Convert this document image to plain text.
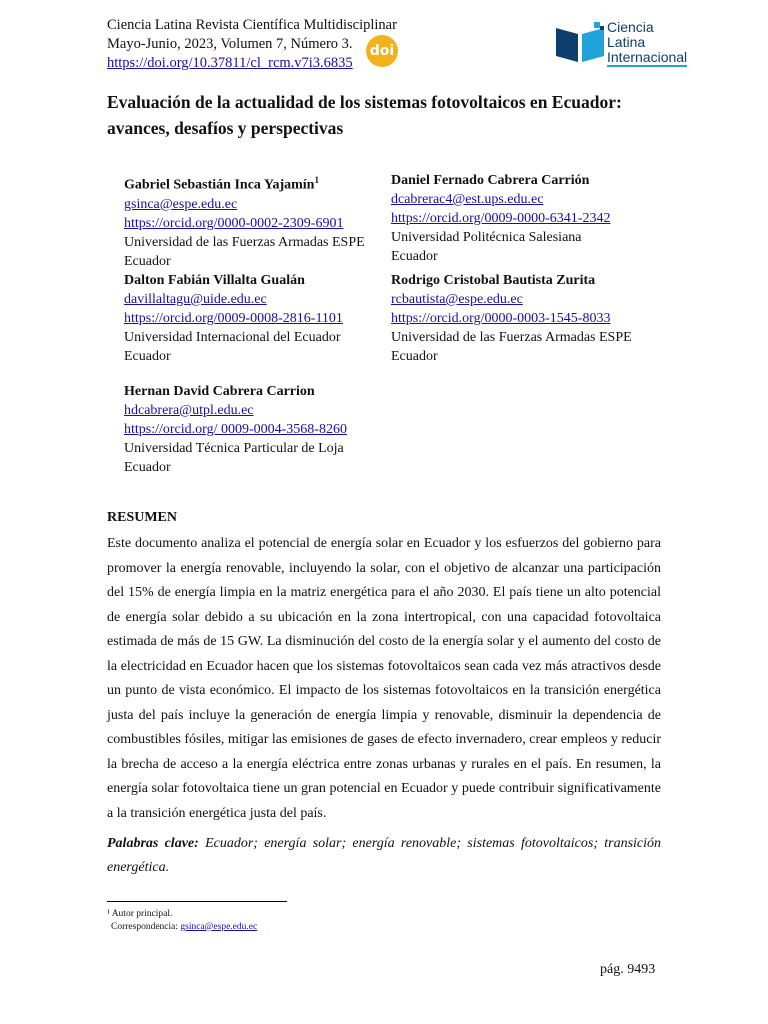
Ciencia Latina Revista Científica Multidisciplinar
Mayo-Junio, 2023, Volumen 7, Número 3.
https://doi.org/10.37811/cl_rcm.v7i3.6835
doi
Ciencia
Latina
Internacional
Evaluación de la actualidad de los sistemas fotovoltaicos en Ecuador: avances, desafíos y perspectivas
Gabriel Sebastián Inca Yajamín$^1$
gsinca@espe.edu.ec
https://orcid.org/0000-0002-2309-6901
Universidad de las Fuerzas Armadas ESPE
Ecuador
Daniel Fernado Cabrera Carrión
dcabrerac4@est.ups.edu.ec
https://orcid.org/0009-0000-6341-2342
Universidad Politécnica Salesiana
Ecuador
Dalton Fabián Villalta Gualán
davillaltagu@uide.edu.ec
https://orcid.org/0009-0008-2816-1101
Universidad Internacional del Ecuador
Ecuador
Rodrigo Cristobal Bautista Zurita
rcbautista@espe.edu.ec
https://orcid.org/0000-0003-1545-8033
Universidad de las Fuerzas Armadas ESPE
Ecuador
Hernan David Cabrera Carrion
hdcabrera@utpl.edu.ec
https://orcid.org/ 0009-0004-3568-8260
Universidad Técnica Particular de Loja
Ecuador
RESUMEN
Este documento analiza el potencial de energía solar en Ecuador y los esfuerzos del gobierno para promover la energía renovable, incluyendo la solar, con el objetivo de alcanzar una participación del 15% de energía limpia en la matriz energética para el año 2030. El país tiene un alto potencial de energía solar debido a su ubicación en la zona intertropical, con una capacidad fotovoltaica estimada de más de 15 GW. La disminución del costo de la energía solar y el aumento del costo de la electricidad en Ecuador hacen que los sistemas fotovoltaicos sean cada vez más atractivos desde un punto de vista económico. El impacto de los sistemas fotovoltaicos en la transición energética justa del país incluye la generación de energía limpia y renovable, disminuir la dependencia de combustibles fósiles, mitigar las emisiones de gases de efecto invernadero, crear empleos y reducir la brecha de acceso a la energía eléctrica entre zonas urbanas y rurales en el país. En resumen, la energía solar fotovoltaica tiene un gran potencial en Ecuador y puede contribuir significativamente a la transición energética justa del país.
Palabras clave: Ecuador; energía solar; energía renovable; sistemas fotovoltaicos; transición energética.
¹ Autor principal.
Correspondencia: gsinca@espe.edu.ec
pág. 9493
